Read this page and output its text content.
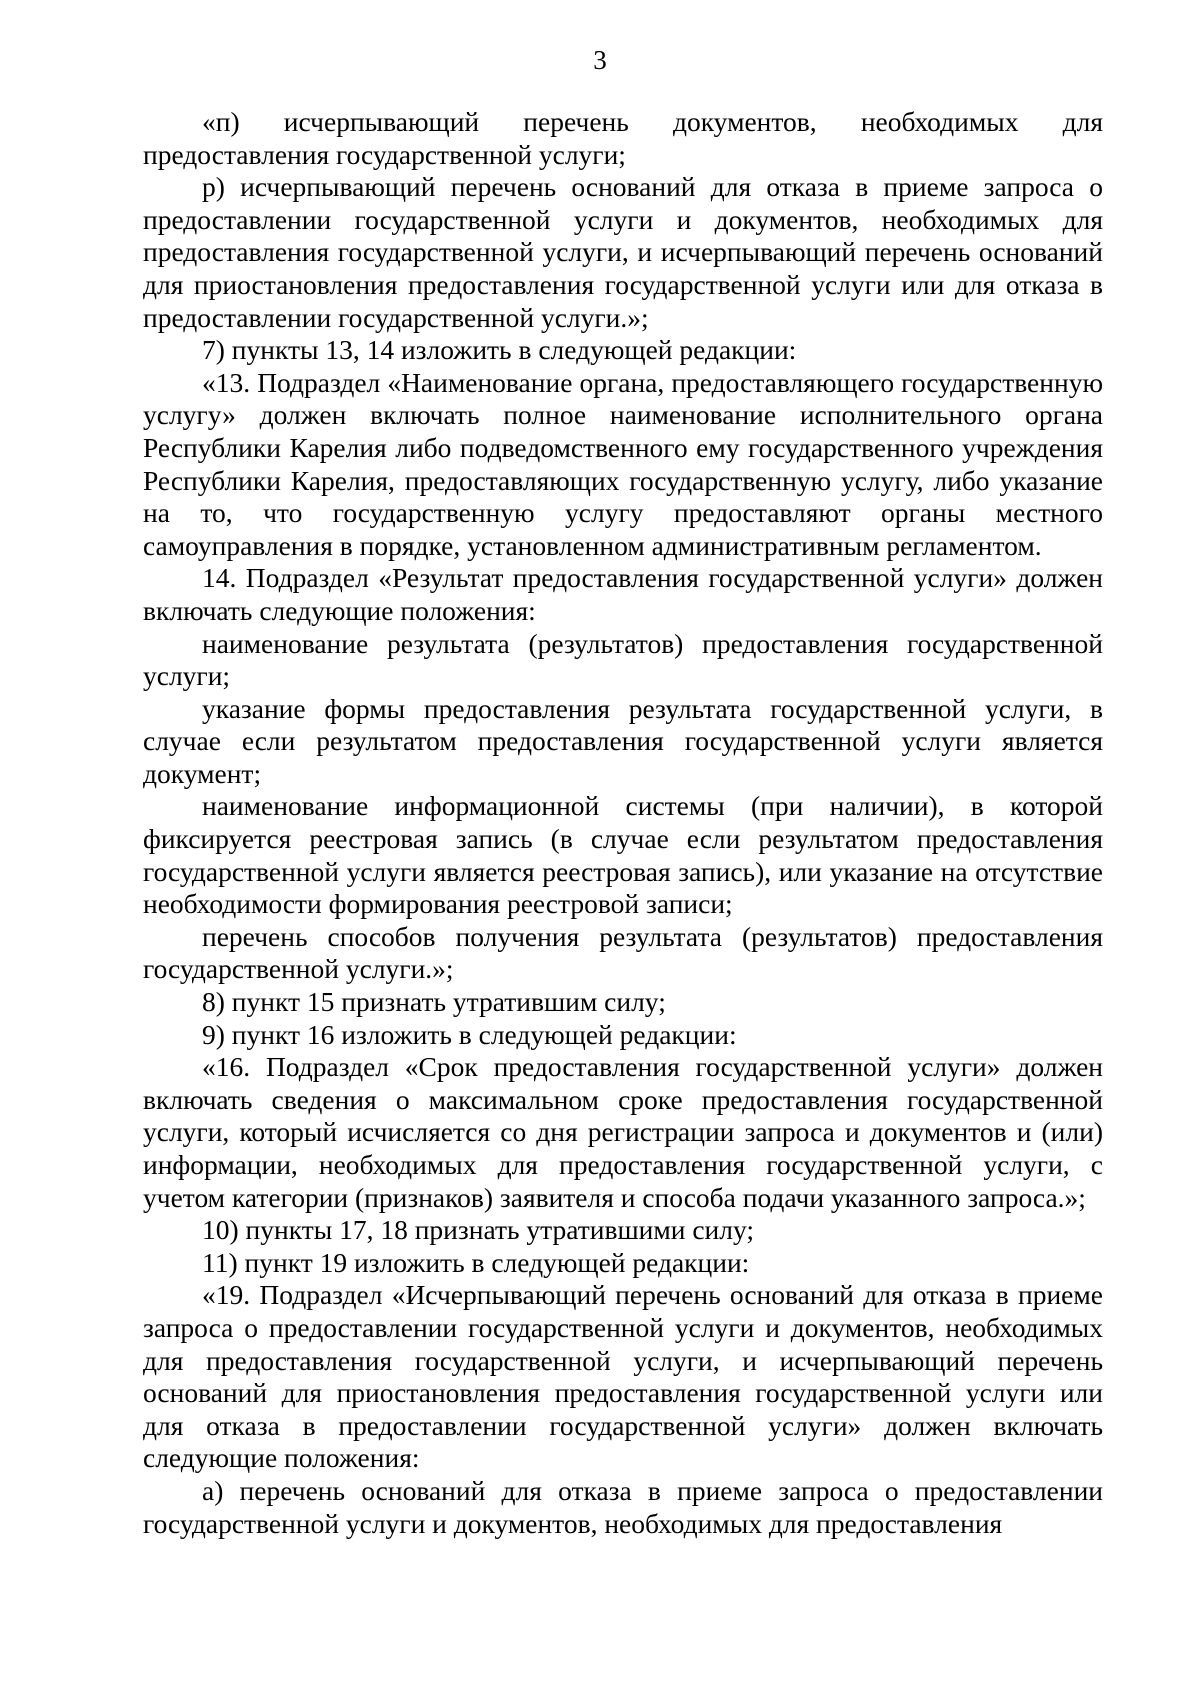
3

«п) исчерпывающий перечень документов, необходимых для предоставления государственной услуги;

р) исчерпывающий перечень оснований для отказа в приеме запроса о предоставлении государственной услуги и документов, необходимых для предоставления государственной услуги, и исчерпывающий перечень оснований для приостановления предоставления государственной услуги или для отказа в предоставлении государственной услуги.»;

7) пункты 13, 14 изложить в следующей редакции:

«13. Подраздел «Наименование органа, предоставляющего государственную услугу» должен включать полное наименование исполнительного органа Республики Карелия либо подведомственного ему государственного учреждения Республики Карелия, предоставляющих государственную услугу, либо указание на то, что государственную услугу предоставляют органы местного самоуправления в порядке, установленном административным регламентом.

14. Подраздел «Результат предоставления государственной услуги» должен включать следующие положения:

наименование результата (результатов) предоставления государственной услуги;

указание формы предоставления результата государственной услуги, в случае если результатом предоставления государственной услуги является документ;

наименование информационной системы (при наличии), в которой фиксируется реестровая запись (в случае если результатом предоставления государственной услуги является реестровая запись), или указание на отсутствие необходимости формирования реестровой записи;

перечень способов получения результата (результатов) предоставления государственной услуги.»;

8) пункт 15 признать утратившим силу;

9) пункт 16 изложить в следующей редакции:

«16. Подраздел «Срок предоставления государственной услуги» должен включать сведения о максимальном сроке предоставления государственной услуги, который исчисляется со дня регистрации запроса и документов и (или) информации, необходимых для предоставления государственной услуги, с учетом категории (признаков) заявителя и способа подачи указанного запроса.»;

10) пункты 17, 18 признать утратившими силу;

11) пункт 19 изложить в следующей редакции:

«19. Подраздел «Исчерпывающий перечень оснований для отказа в приеме запроса о предоставлении государственной услуги и документов, необходимых для предоставления государственной услуги, и исчерпывающий перечень оснований для приостановления предоставления государственной услуги или для отказа в предоставлении государственной услуги» должен включать следующие положения:

а) перечень оснований для отказа в приеме запроса о предоставлении государственной услуги и документов, необходимых для предоставления
